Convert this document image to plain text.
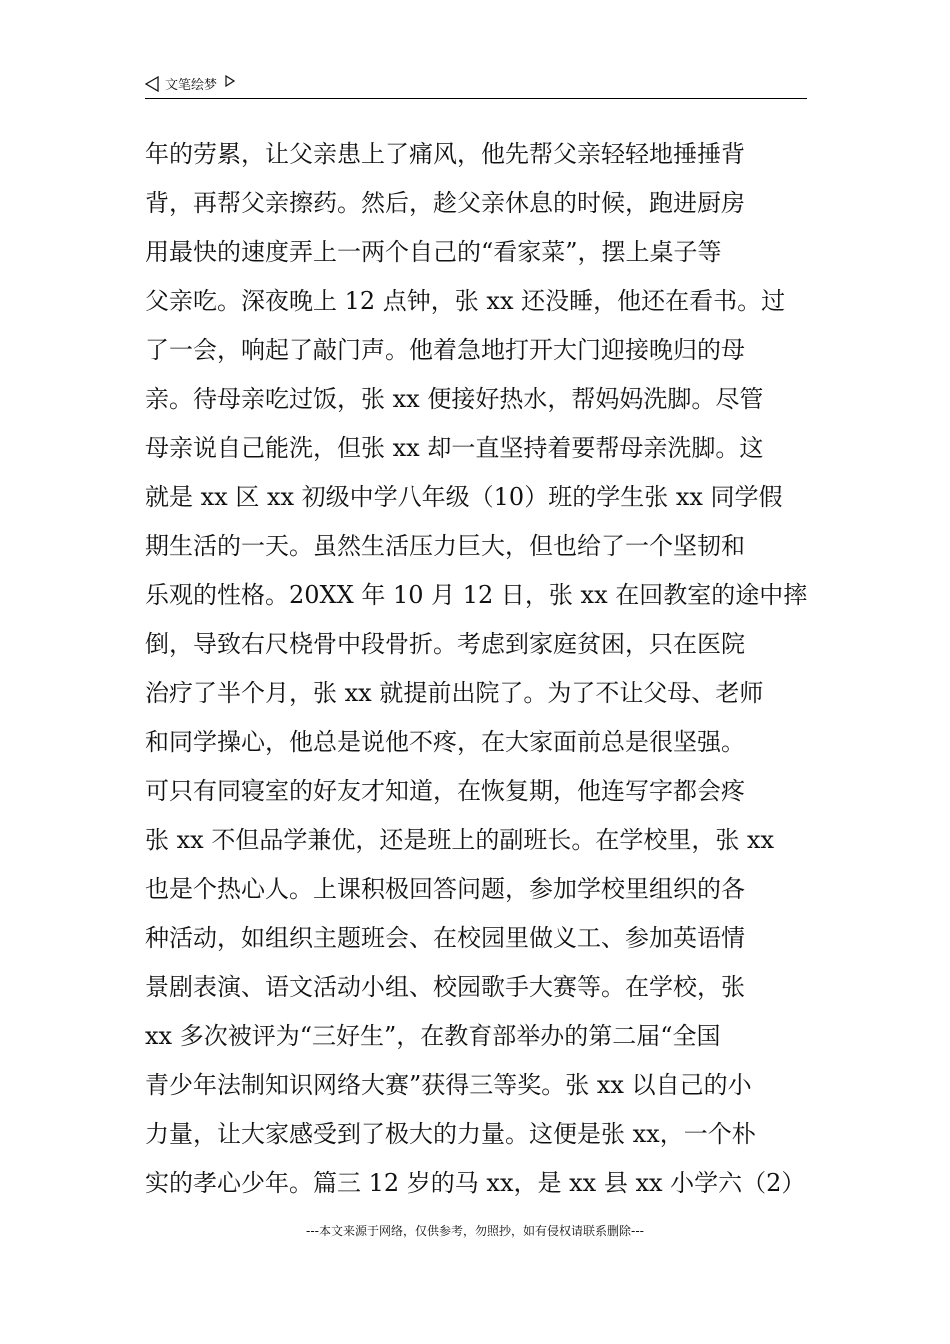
文笔绘梦
年的劳累，让父亲患上了痛风，他先帮父亲轻轻地捶捶背
背，再帮父亲擦药。然后，趁父亲休息的时候，跑进厨房
用最快的速度弄上一两个自己的“看家菜”，摆上桌子等
父亲吃。深夜晚上 12 点钟，张 xx 还没睡，他还在看书。过
了一会，响起了敲门声。他着急地打开大门迎接晚归的母
亲。待母亲吃过饭，张 xx 便接好热水，帮妈妈洗脚。尽管
母亲说自己能洗，但张 xx 却一直坚持着要帮母亲洗脚。这
就是 xx 区 xx 初级中学八年级（10）班的学生张 xx 同学假
期生活的一天。虽然生活压力巨大，但也给了一个坚韧和
乐观的性格。20XX 年 10 月 12 日，张 xx 在回教室的途中摔
倒，导致右尺桡骨中段骨折。考虑到家庭贫困，只在医院
治疗了半个月，张 xx 就提前出院了。为了不让父母、老师
和同学操心，他总是说他不疼，在大家面前总是很坚强。
可只有同寝室的好友才知道，在恢复期，他连写字都会疼
张 xx 不但品学兼优，还是班上的副班长。在学校里，张 xx
也是个热心人。上课积极回答问题，参加学校里组织的各
种活动，如组织主题班会、在校园里做义工、参加英语情
景剧表演、语文活动小组、校园歌手大赛等。在学校，张
xx 多次被评为“三好生”，在教育部举办的第二届“全国
青少年法制知识网络大赛”获得三等奖。张 xx 以自己的小
力量，让大家感受到了极大的力量。这便是张 xx，一个朴
实的孝心少年。篇三 12 岁的马 xx，是 xx 县 xx 小学六（2）
---本文来源于网络，仅供参考，勿照抄，如有侵权请联系删除---
